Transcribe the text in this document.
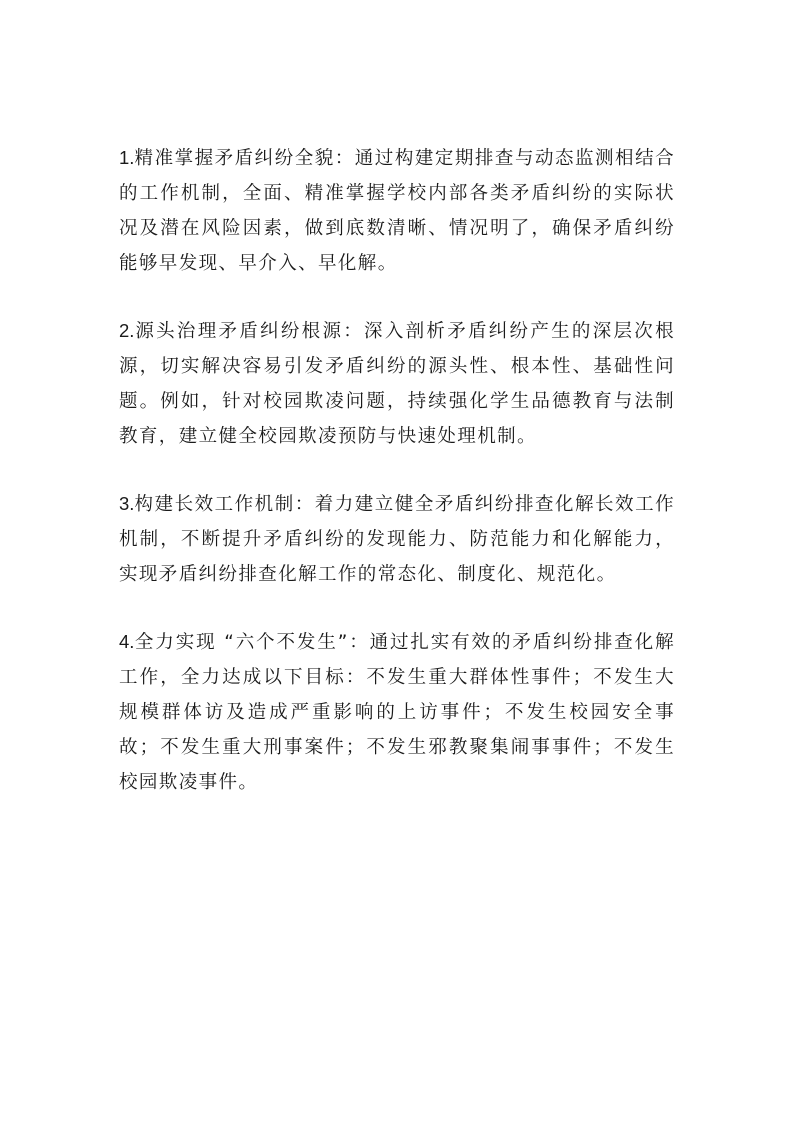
1.精准掌握矛盾纠纷全貌：通过构建定期排查与动态监测相结合的工作机制，全面、精准掌握学校内部各类矛盾纠纷的实际状况及潜在风险因素，做到底数清晰、情况明了，确保矛盾纠纷能够早发现、早介入、早化解。

2.源头治理矛盾纠纷根源：深入剖析矛盾纠纷产生的深层次根源，切实解决容易引发矛盾纠纷的源头性、根本性、基础性问题。例如，针对校园欺凌问题，持续强化学生品德教育与法制教育，建立健全校园欺凌预防与快速处理机制。

3.构建长效工作机制：着力建立健全矛盾纠纷排查化解长效工作机制，不断提升矛盾纠纷的发现能力、防范能力和化解能力，实现矛盾纠纷排查化解工作的常态化、制度化、规范化。

4.全力实现 “六个不发生”：通过扎实有效的矛盾纠纷排查化解工作，全力达成以下目标：不发生重大群体性事件；不发生大规模群体访及造成严重影响的上访事件；不发生校园安全事故；不发生重大刑事案件；不发生邪教聚集闹事事件；不发生校园欺凌事件。
